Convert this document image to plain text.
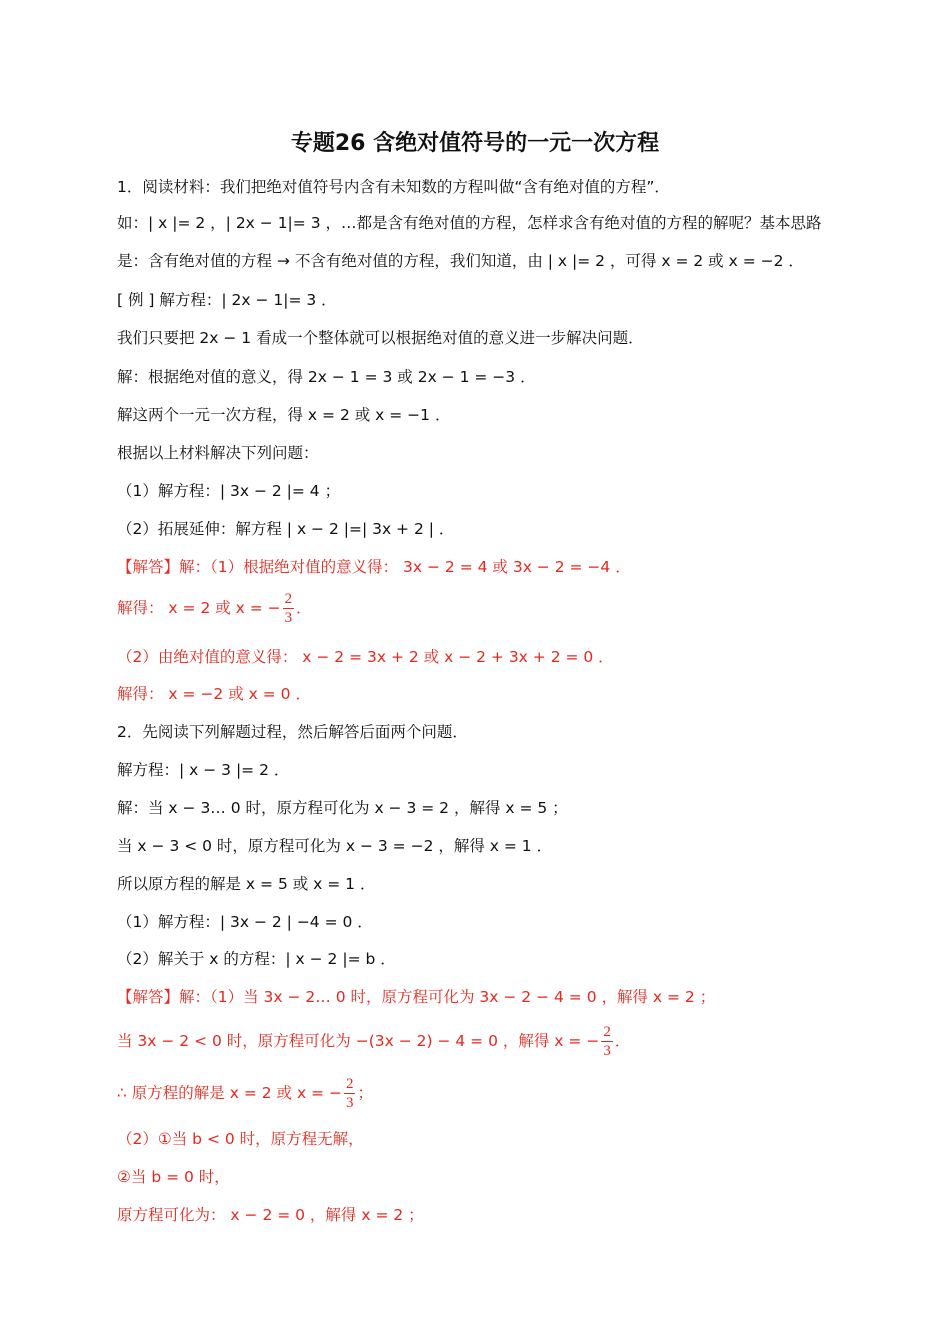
专题26 含绝对值符号的一元一次方程
1．阅读材料：我们把绝对值符号内含有未知数的方程叫做“含有绝对值的方程”．
如：| x |= 2 ，| 2x − 1|= 3 ，…都是含有绝对值的方程，怎样求含有绝对值的方程的解呢？基本思路
是：含有绝对值的方程 → 不含有绝对值的方程，我们知道，由 | x |= 2 ，可得 x = 2 或 x = −2 ．
[ 例 ] 解方程：| 2x − 1|= 3 ．
我们只要把 2x − 1 看成一个整体就可以根据绝对值的意义进一步解决问题．
解：根据绝对值的意义，得 2x − 1 = 3 或 2x − 1 = −3 ．
解这两个一元一次方程，得 x = 2 或 x = −1 ．
根据以上材料解决下列问题：
（1）解方程：| 3x − 2 |= 4 ；
（2）拓展延伸：解方程 | x − 2 |=| 3x + 2 | ．
【解答】解：（1）根据绝对值的意义得： 3x − 2 = 4 或 3x − 2 = −4 ．
解得： x = 2 或 x = − $\frac{2}{3}$ ．
（2）由绝对值的意义得： x − 2 = 3x + 2 或 x − 2 + 3x + 2 = 0 ．
解得： x = −2 或 x = 0 ．
2．先阅读下列解题过程，然后解答后面两个问题．
解方程：| x − 3 |= 2 ．
解：当 x − 3… 0 时，原方程可化为 x − 3 = 2 ，解得 x = 5 ；
当 x − 3 < 0 时，原方程可化为 x − 3 = −2 ，解得 x = 1 ．
所以原方程的解是 x = 5 或 x = 1 ．
（1）解方程：| 3x − 2 | −4 = 0 ．
（2）解关于 x 的方程：| x − 2 |= b ．
【解答】解：（1）当 3x − 2… 0 时，原方程可化为 3x − 2 − 4 = 0 ，解得 x = 2 ；
当 3x − 2 < 0 时，原方程可化为 −(3x − 2) − 4 = 0 ，解得 x = − $\frac{2}{3}$ ．
∴ 原方程的解是 x = 2 或 x = − $\frac{2}{3}$ ；
（2）①当 b < 0 时，原方程无解，
②当 b = 0 时，
原方程可化为： x − 2 = 0 ，解得 x = 2 ；
